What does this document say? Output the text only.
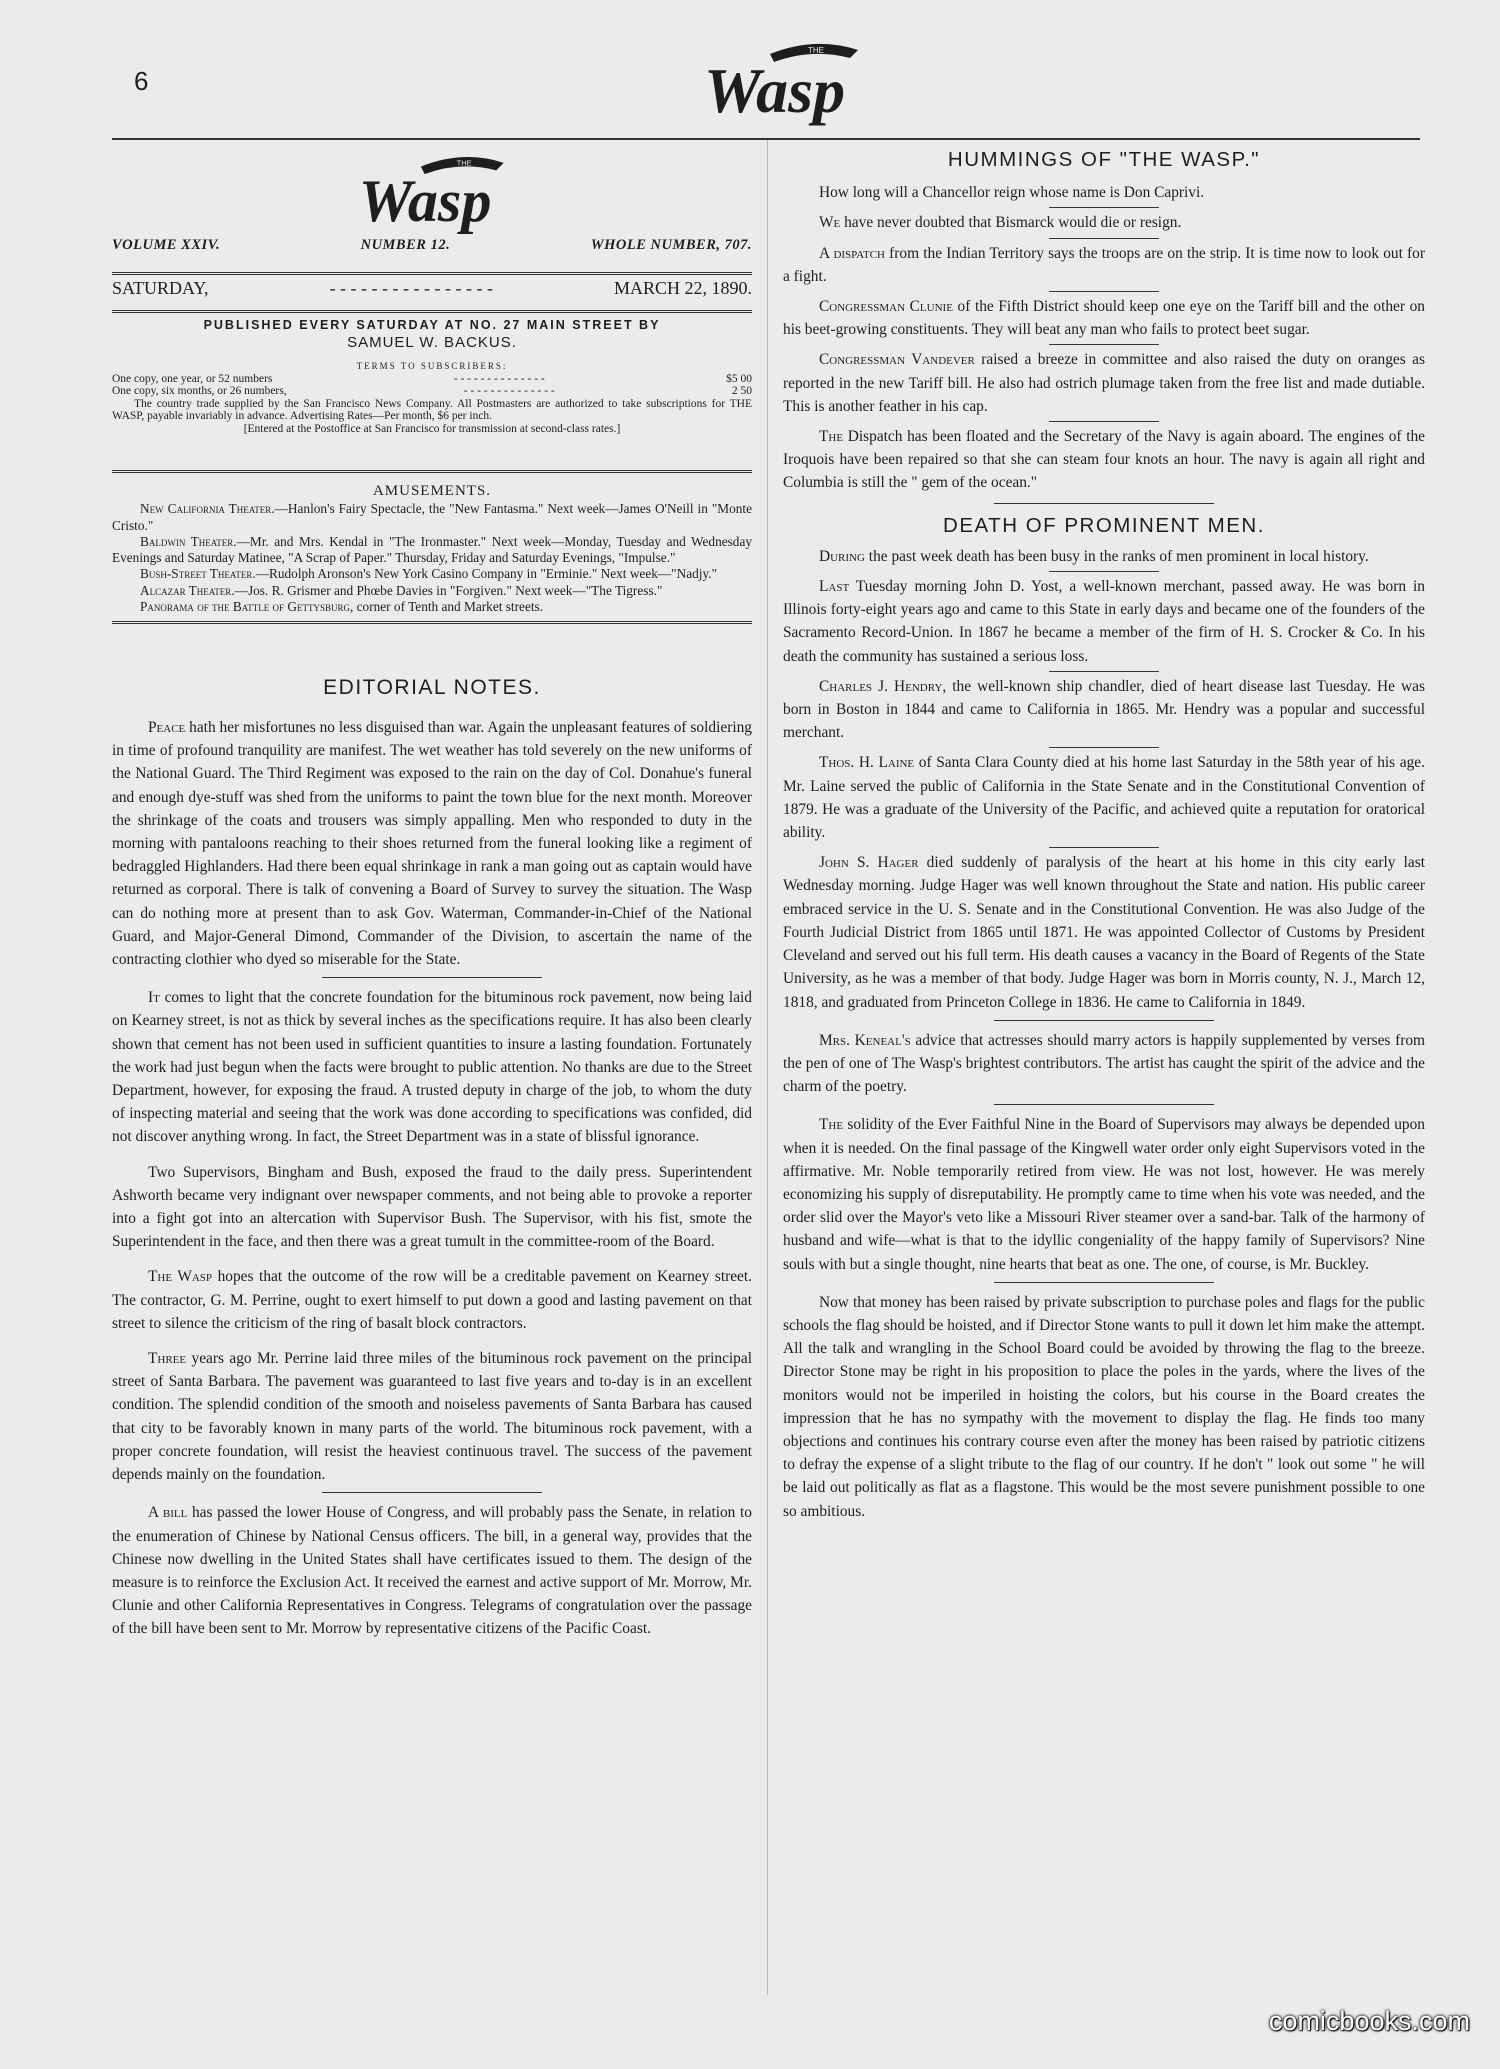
6
THE
Wasp
THE
Wasp
VOLUME XXIV.	NUMBER 12.	WHOLE NUMBER, 707.
SATURDAY,	- - - - - - - - - - - - - - - -	MARCH 22, 1890.
PUBLISHED EVERY SATURDAY AT NO. 27 MAIN STREET BY
SAMUEL W. BACKUS.
TERMS TO SUBSCRIBERS:
One copy, one year, or 52 numbers	- - - - - - - - - - - - - -	$5 00
One copy, six months, or 26 numbers,	- - - - - - - - - - - - - -	2 50
The country trade supplied by the San Francisco News Company. All Postmasters are authorized to take subscriptions for THE WASP, payable invariably in advance. Advertising Rates—Per month, $6 per inch.
[Entered at the Postoffice at San Francisco for transmission at second-class rates.]
AMUSEMENTS.

New California Theater.—Hanlon's Fairy Spectacle, the "New Fantasma." Next week—James O'Neill in "Monte Cristo."

Baldwin Theater.—Mr. and Mrs. Kendal in "The Ironmaster." Next week—Monday, Tuesday and Wednesday Evenings and Saturday Matinee, "A Scrap of Paper." Thursday, Friday and Saturday Evenings, "Impulse."

Bush-Street Theater.—Rudolph Aronson's New York Casino Company in "Erminie." Next week—"Nadjy."

Alcazar Theater.—Jos. R. Grismer and Phœbe Davies in "Forgiven." Next week—"The Tigress."

Panorama of the Battle of Gettysburg, corner of Tenth and Market streets.

EDITORIAL NOTES.

Peace hath her misfortunes no less disguised than war. Again the unpleasant features of soldiering in time of profound tranquility are manifest. The wet weather has told severely on the new uniforms of the National Guard. The Third Regiment was exposed to the rain on the day of Col. Donahue's funeral and enough dye-stuff was shed from the uniforms to paint the town blue for the next month. Moreover the shrinkage of the coats and trousers was simply appalling. Men who responded to duty in the morning with pantaloons reaching to their shoes returned from the funeral looking like a regiment of bedraggled Highlanders. Had there been equal shrinkage in rank a man going out as captain would have returned as corporal. There is talk of convening a Board of Survey to survey the situation. The Wasp can do nothing more at present than to ask Gov. Waterman, Commander-in-Chief of the National Guard, and Major-General Dimond, Commander of the Division, to ascertain the name of the contracting clothier who dyed so miserable for the State.

It comes to light that the concrete foundation for the bituminous rock pavement, now being laid on Kearney street, is not as thick by several inches as the specifications require. It has also been clearly shown that cement has not been used in sufficient quantities to insure a lasting foundation. Fortunately the work had just begun when the facts were brought to public attention. No thanks are due to the Street Department, however, for exposing the fraud. A trusted deputy in charge of the job, to whom the duty of inspecting material and seeing that the work was done according to specifications was confided, did not discover anything wrong. In fact, the Street Department was in a state of blissful ignorance.

Two Supervisors, Bingham and Bush, exposed the fraud to the daily press. Superintendent Ashworth became very indignant over newspaper comments, and not being able to provoke a reporter into a fight got into an altercation with Supervisor Bush. The Supervisor, with his fist, smote the Superintendent in the face, and then there was a great tumult in the committee-room of the Board.

The Wasp hopes that the outcome of the row will be a creditable pavement on Kearney street. The contractor, G. M. Perrine, ought to exert himself to put down a good and lasting pavement on that street to silence the criticism of the ring of basalt block contractors.

Three years ago Mr. Perrine laid three miles of the bituminous rock pavement on the principal street of Santa Barbara. The pavement was guaranteed to last five years and to-day is in an excellent condition. The splendid condition of the smooth and noiseless pavements of Santa Barbara has caused that city to be favorably known in many parts of the world. The bituminous rock pavement, with a proper concrete foundation, will resist the heaviest continuous travel. The success of the pavement depends mainly on the foundation.

A bill has passed the lower House of Congress, and will probably pass the Senate, in relation to the enumeration of Chinese by National Census officers. The bill, in a general way, provides that the Chinese now dwelling in the United States shall have certificates issued to them. The design of the measure is to reinforce the Exclusion Act. It received the earnest and active support of Mr. Morrow, Mr. Clunie and other California Representatives in Congress. Telegrams of congratulation over the passage of the bill have been sent to Mr. Morrow by representative citizens of the Pacific Coast.

HUMMINGS OF "THE WASP."

How long will a Chancellor reign whose name is Don Caprivi.

We have never doubted that Bismarck would die or resign.

A dispatch from the Indian Territory says the troops are on the strip. It is time now to look out for a fight.

Congressman Clunie of the Fifth District should keep one eye on the Tariff bill and the other on his beet-growing constituents. They will beat any man who fails to protect beet sugar.

Congressman Vandever raised a breeze in committee and also raised the duty on oranges as reported in the new Tariff bill. He also had ostrich plumage taken from the free list and made dutiable. This is another feather in his cap.

The Dispatch has been floated and the Secretary of the Navy is again aboard. The engines of the Iroquois have been repaired so that she can steam four knots an hour. The navy is again all right and Columbia is still the " gem of the ocean."

DEATH OF PROMINENT MEN.

During the past week death has been busy in the ranks of men prominent in local history.

Last Tuesday morning John D. Yost, a well-known merchant, passed away. He was born in Illinois forty-eight years ago and came to this State in early days and became one of the founders of the Sacramento Record-Union. In 1867 he became a member of the firm of H. S. Crocker & Co. In his death the community has sustained a serious loss.

Charles J. Hendry, the well-known ship chandler, died of heart disease last Tuesday. He was born in Boston in 1844 and came to California in 1865. Mr. Hendry was a popular and successful merchant.

Thos. H. Laine of Santa Clara County died at his home last Saturday in the 58th year of his age. Mr. Laine served the public of California in the State Senate and in the Constitutional Convention of 1879. He was a graduate of the University of the Pacific, and achieved quite a reputation for oratorical ability.

John S. Hager died suddenly of paralysis of the heart at his home in this city early last Wednesday morning. Judge Hager was well known throughout the State and nation. His public career embraced service in the U. S. Senate and in the Constitutional Convention. He was also Judge of the Fourth Judicial District from 1865 until 1871. He was appointed Collector of Customs by President Cleveland and served out his full term. His death causes a vacancy in the Board of Regents of the State University, as he was a member of that body. Judge Hager was born in Morris county, N. J., March 12, 1818, and graduated from Princeton College in 1836. He came to California in 1849.

Mrs. Keneal's advice that actresses should marry actors is happily supplemented by verses from the pen of one of The Wasp's brightest contributors. The artist has caught the spirit of the advice and the charm of the poetry.

The solidity of the Ever Faithful Nine in the Board of Supervisors may always be depended upon when it is needed. On the final passage of the Kingwell water order only eight Supervisors voted in the affirmative. Mr. Noble temporarily retired from view. He was not lost, however. He was merely economizing his supply of disreputability. He promptly came to time when his vote was needed, and the order slid over the Mayor's veto like a Missouri River steamer over a sand-bar. Talk of the harmony of husband and wife—what is that to the idyllic congeniality of the happy family of Supervisors? Nine souls with but a single thought, nine hearts that beat as one. The one, of course, is Mr. Buckley.

Now that money has been raised by private subscription to purchase poles and flags for the public schools the flag should be hoisted, and if Director Stone wants to pull it down let him make the attempt. All the talk and wrangling in the School Board could be avoided by throwing the flag to the breeze. Director Stone may be right in his proposition to place the poles in the yards, where the lives of the monitors would not be imperiled in hoisting the colors, but his course in the Board creates the impression that he has no sympathy with the movement to display the flag. He finds too many objections and continues his contrary course even after the money has been raised by patriotic citizens to defray the expense of a slight tribute to the flag of our country. If he don't " look out some " he will be laid out politically as flat as a flagstone. This would be the most severe punishment possible to one so ambitious.

comicbooks.com
